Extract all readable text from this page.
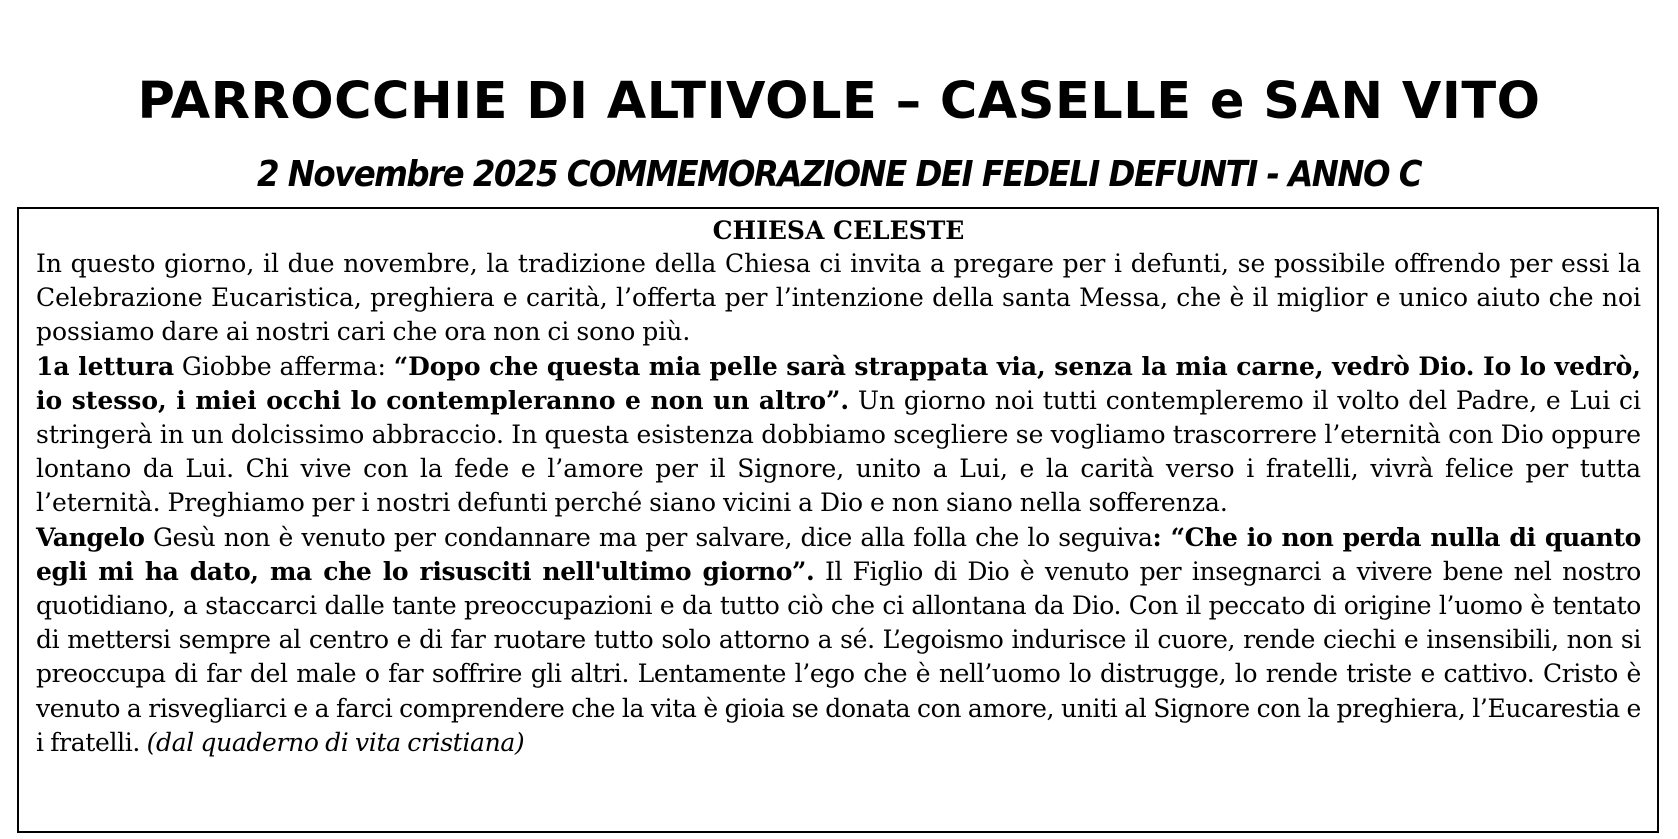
PARROCCHIE DI ALTIVOLE – CASELLE e SAN VITO
2 Novembre 2025 COMMEMORAZIONE DEI FEDELI DEFUNTI - ANNO C

CHIESA CELESTE

In questo giorno, il due novembre, la tradizione della Chiesa ci invita a pregare per i defunti, se possibile offrendo per essi la Celebrazione Eucaristica, preghiera e carità, l’offerta per l’intenzione della santa Messa, che è il miglior e unico aiuto che noi possiamo dare ai nostri cari che ora non ci sono più.

1a lettura Giobbe afferma: “Dopo che questa mia pelle sarà strappata via, senza la mia carne, vedrò Dio. Io lo vedrò, io stesso, i miei occhi lo contempleranno e non un altro”. Un giorno noi tutti contempleremo il volto del Padre, e Lui ci stringerà in un dolcissimo abbraccio. In questa esistenza dobbiamo scegliere se vogliamo trascorrere l’eternità con Dio oppure lontano da Lui. Chi vive con la fede e l’amore per il Signore, unito a Lui, e la carità verso i fratelli, vivrà felice per tutta l’eternità. Preghiamo per i nostri defunti perché siano vicini a Dio e non siano nella sofferenza.

Vangelo Gesù non è venuto per condannare ma per salvare, dice alla folla che lo seguiva: “Che io non perda nulla di quanto egli mi ha dato, ma che lo risusciti nell'ultimo giorno”. Il Figlio di Dio è venuto per insegnarci a vivere bene nel nostro quotidiano, a staccarci dalle tante preoccupazioni e da tutto ciò che ci allontana da Dio. Con il peccato di origine l’uomo è tentato di mettersi sempre al centro e di far ruotare tutto solo attorno a sé. L’egoismo indurisce il cuore, rende ciechi e insensibili, non si preoccupa di far del male o far soffrire gli altri. Lentamente l’ego che è nell’uomo lo distrugge, lo rende triste e cattivo. Cristo è venuto a risvegliarci e a farci comprendere che la vita è gioia se donata con amore, uniti al Signore con la preghiera, l’Eucarestia e i fratelli. (dal quaderno di vita cristiana)
